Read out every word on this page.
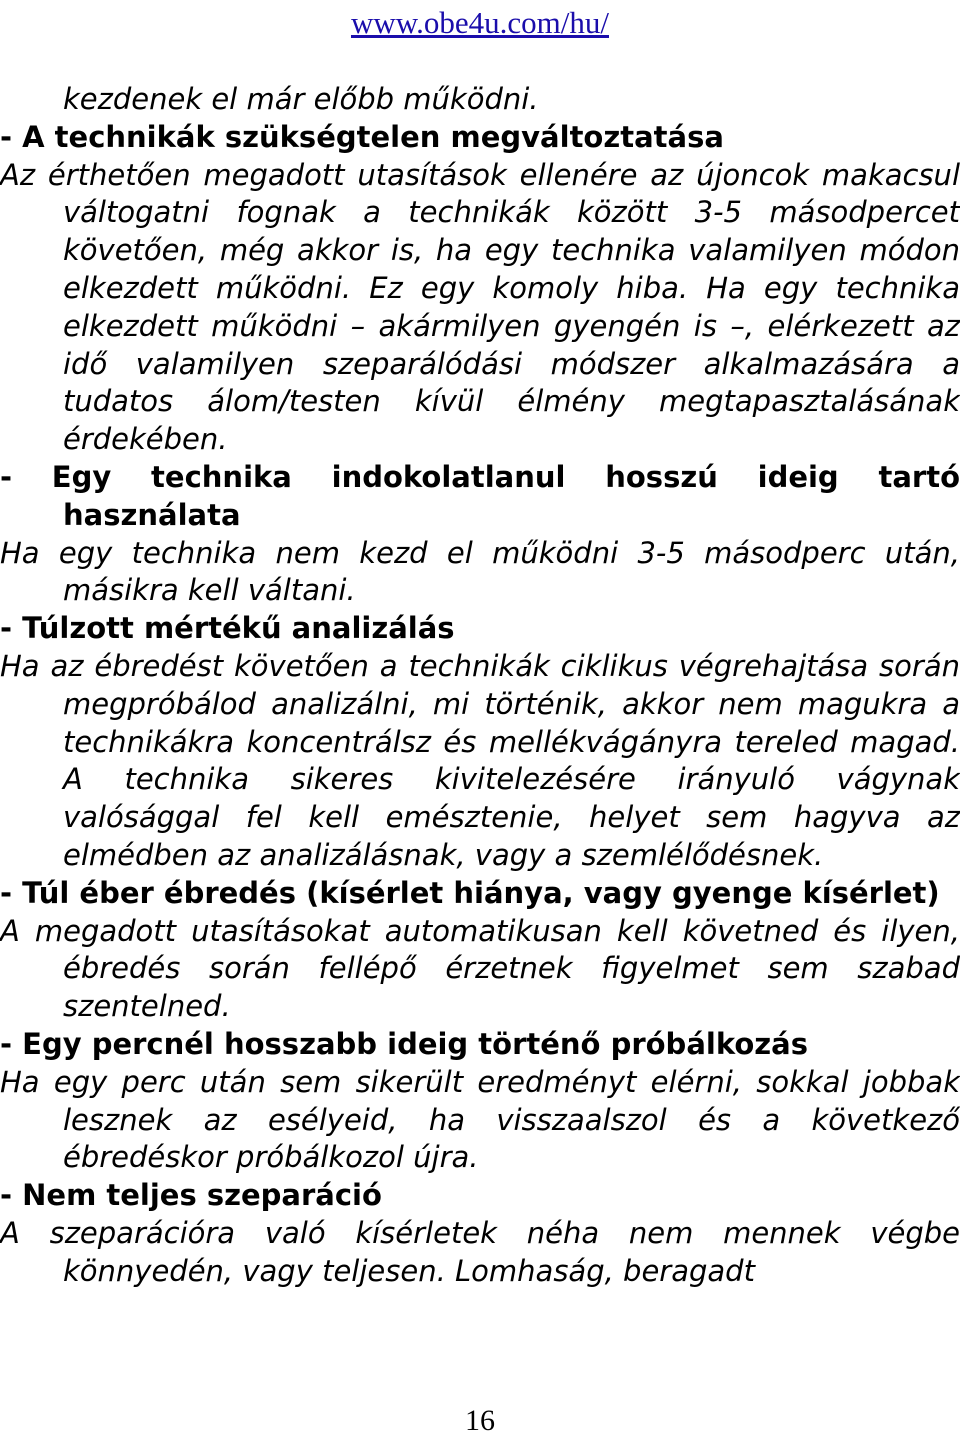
www.obe4u.com/hu/

kezdenek el már előbb működni.

- A technikák szükségtelen megváltoztatása

Az érthetően megadott utasítások ellenére az újoncok makacsul váltogatni fognak a technikák között 3-5 másodpercet követően, még akkor is, ha egy technika valamilyen módon elkezdett működni. Ez egy komoly hiba. Ha egy technika elkezdett működni – akármilyen gyengén is –, elérkezett az idő valamilyen szeparálódási módszer alkalmazására a tudatos álom/testen kívül élmény megtapasztalásának érdekében.

- Egy technika indokolatlanul hosszú ideig tartó használata

Ha egy technika nem kezd el működni 3-5 másodperc után, másikra kell váltani.

- Túlzott mértékű analizálás

Ha az ébredést követően a technikák ciklikus végrehajtása során megpróbálod analizálni, mi történik, akkor nem magukra a technikákra koncentrálsz és mellékvágányra tereled magad. A technika sikeres kivitelezésére irányuló vágynak valósággal fel kell emésztenie, helyet sem hagyva az elmédben az analizálásnak, vagy a szemlélődésnek.

- Túl éber ébredés (kísérlet hiánya, vagy gyenge kísérlet)

A megadott utasításokat automatikusan kell követned és ilyen, ébredés során fellépő érzetnek figyelmet sem szabad szentelned.

- Egy percnél hosszabb ideig történő próbálkozás

Ha egy perc után sem sikerült eredményt elérni, sokkal jobbak lesznek az esélyeid, ha visszaalszol és a következő ébredéskor próbálkozol újra.

- Nem teljes szeparáció

A szeparációra való kísérletek néha nem mennek végbe könnyedén, vagy teljesen. Lomhaság, beragadt

16
